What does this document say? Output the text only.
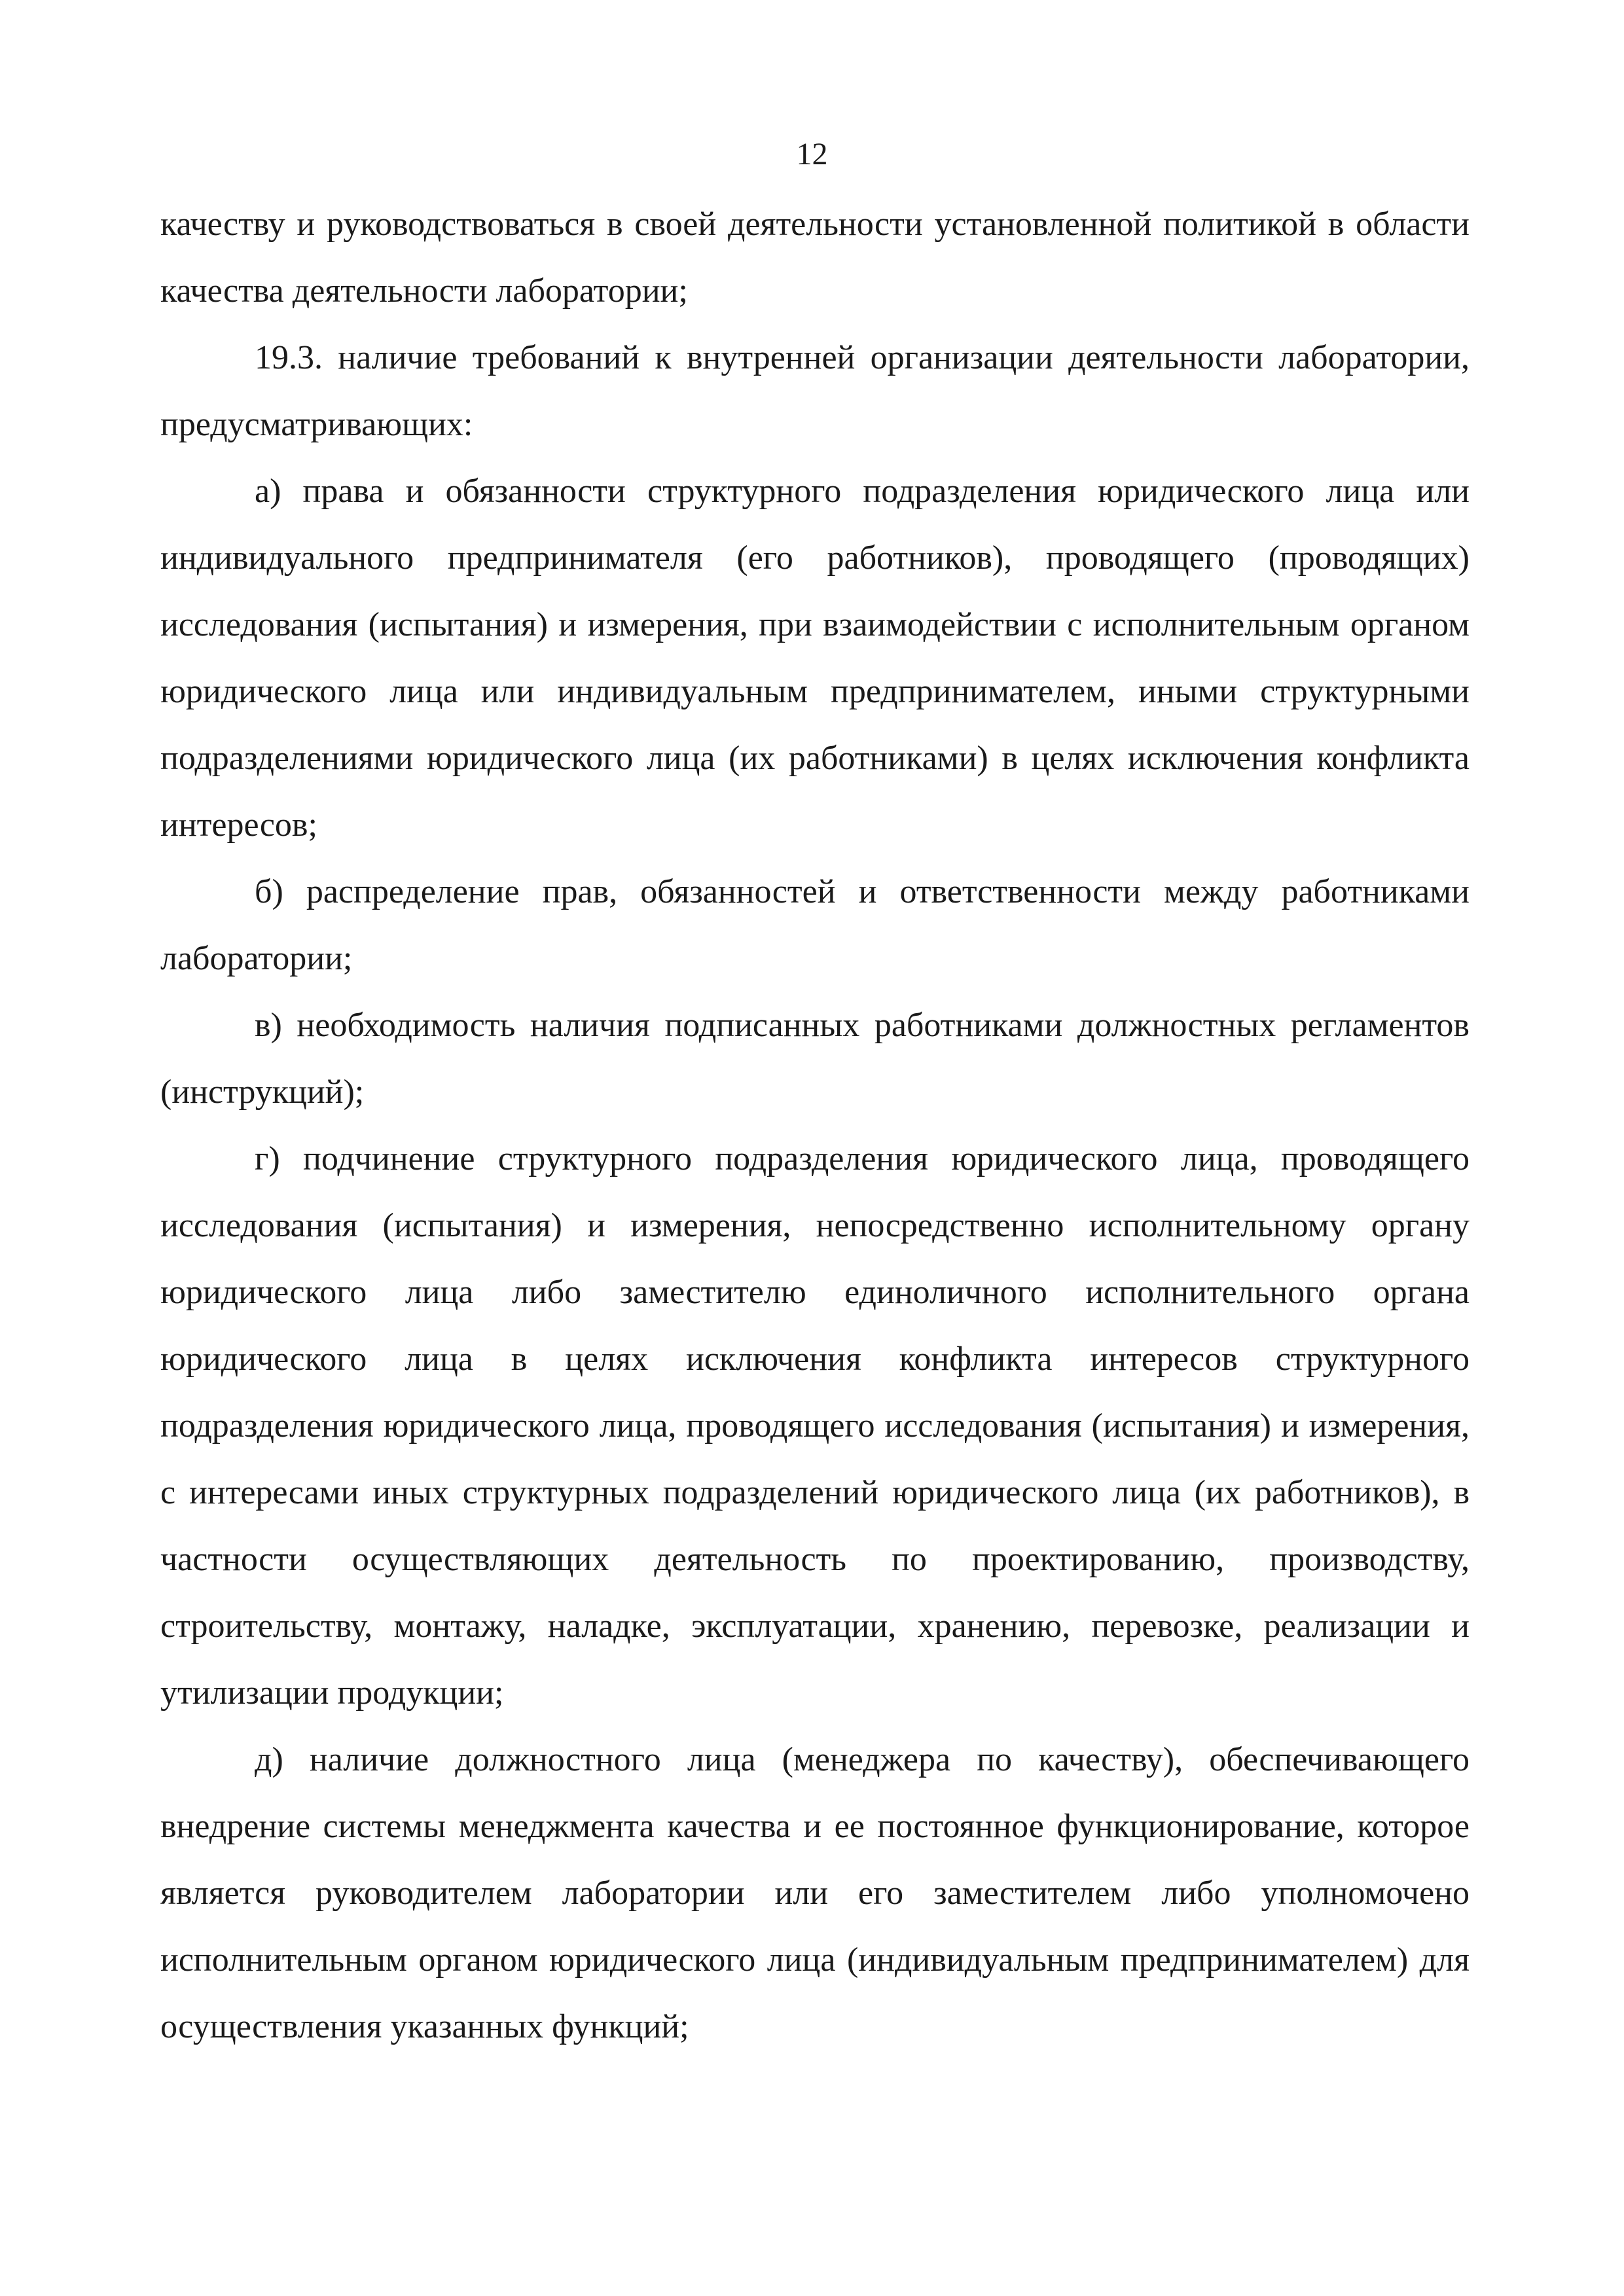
12

качеству и руководствоваться в своей деятельности установленной политикой в области качества деятельности лаборатории;

19.3. наличие требований к внутренней организации деятельности лаборатории, предусматривающих:

а) права и обязанности структурного подразделения юридического лица или индивидуального предпринимателя (его работников), проводящего (проводящих) исследования (испытания) и измерения, при взаимодействии с исполнительным органом юридического лица или индивидуальным предпринимателем, иными структурными подразделениями юридического лица (их работниками) в целях исключения конфликта интересов;

б) распределение прав, обязанностей и ответственности между работниками лаборатории;

в) необходимость наличия подписанных работниками должностных регламентов (инструкций);

г) подчинение структурного подразделения юридического лица, проводящего исследования (испытания) и измерения, непосредственно исполнительному органу юридического лица либо заместителю единоличного исполнительного органа юридического лица в целях исключения конфликта интересов структурного подразделения юридического лица, проводящего исследования (испытания) и измерения, с интересами иных структурных подразделений юридического лица (их работников), в частности осуществляющих деятельность по проектированию, производству, строительству, монтажу, наладке, эксплуатации, хранению, перевозке, реализации и утилизации продукции;

д) наличие должностного лица (менеджера по качеству), обеспечивающего внедрение системы менеджмента качества и ее постоянное функционирование, которое является руководителем лаборатории или его заместителем либо уполномочено исполнительным органом юридического лица (индивидуальным предпринимателем) для осуществления указанных функций;
